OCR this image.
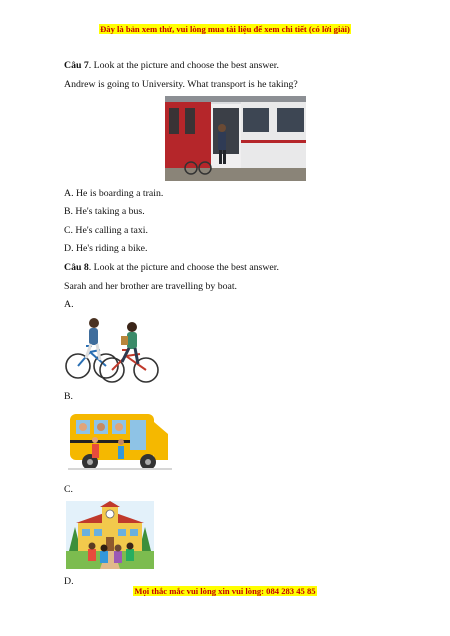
Đây là bản xem thử, vui lòng mua tài liệu để xem chi tiết (có lời giải)
Câu 7. Look at the picture and choose the best answer.
Andrew is going to University. What transport is he taking?
A. He is boarding a train.
B. He's taking a bus.
C. He's calling a taxi.
D. He's riding a bike.
Câu 8. Look at the picture and choose the best answer.
Sarah and her brother are travelling by boat.
A.
B.
C.
D.
Mọi thắc mắc vui lòng xin vui lòng: 084 283 45 85
